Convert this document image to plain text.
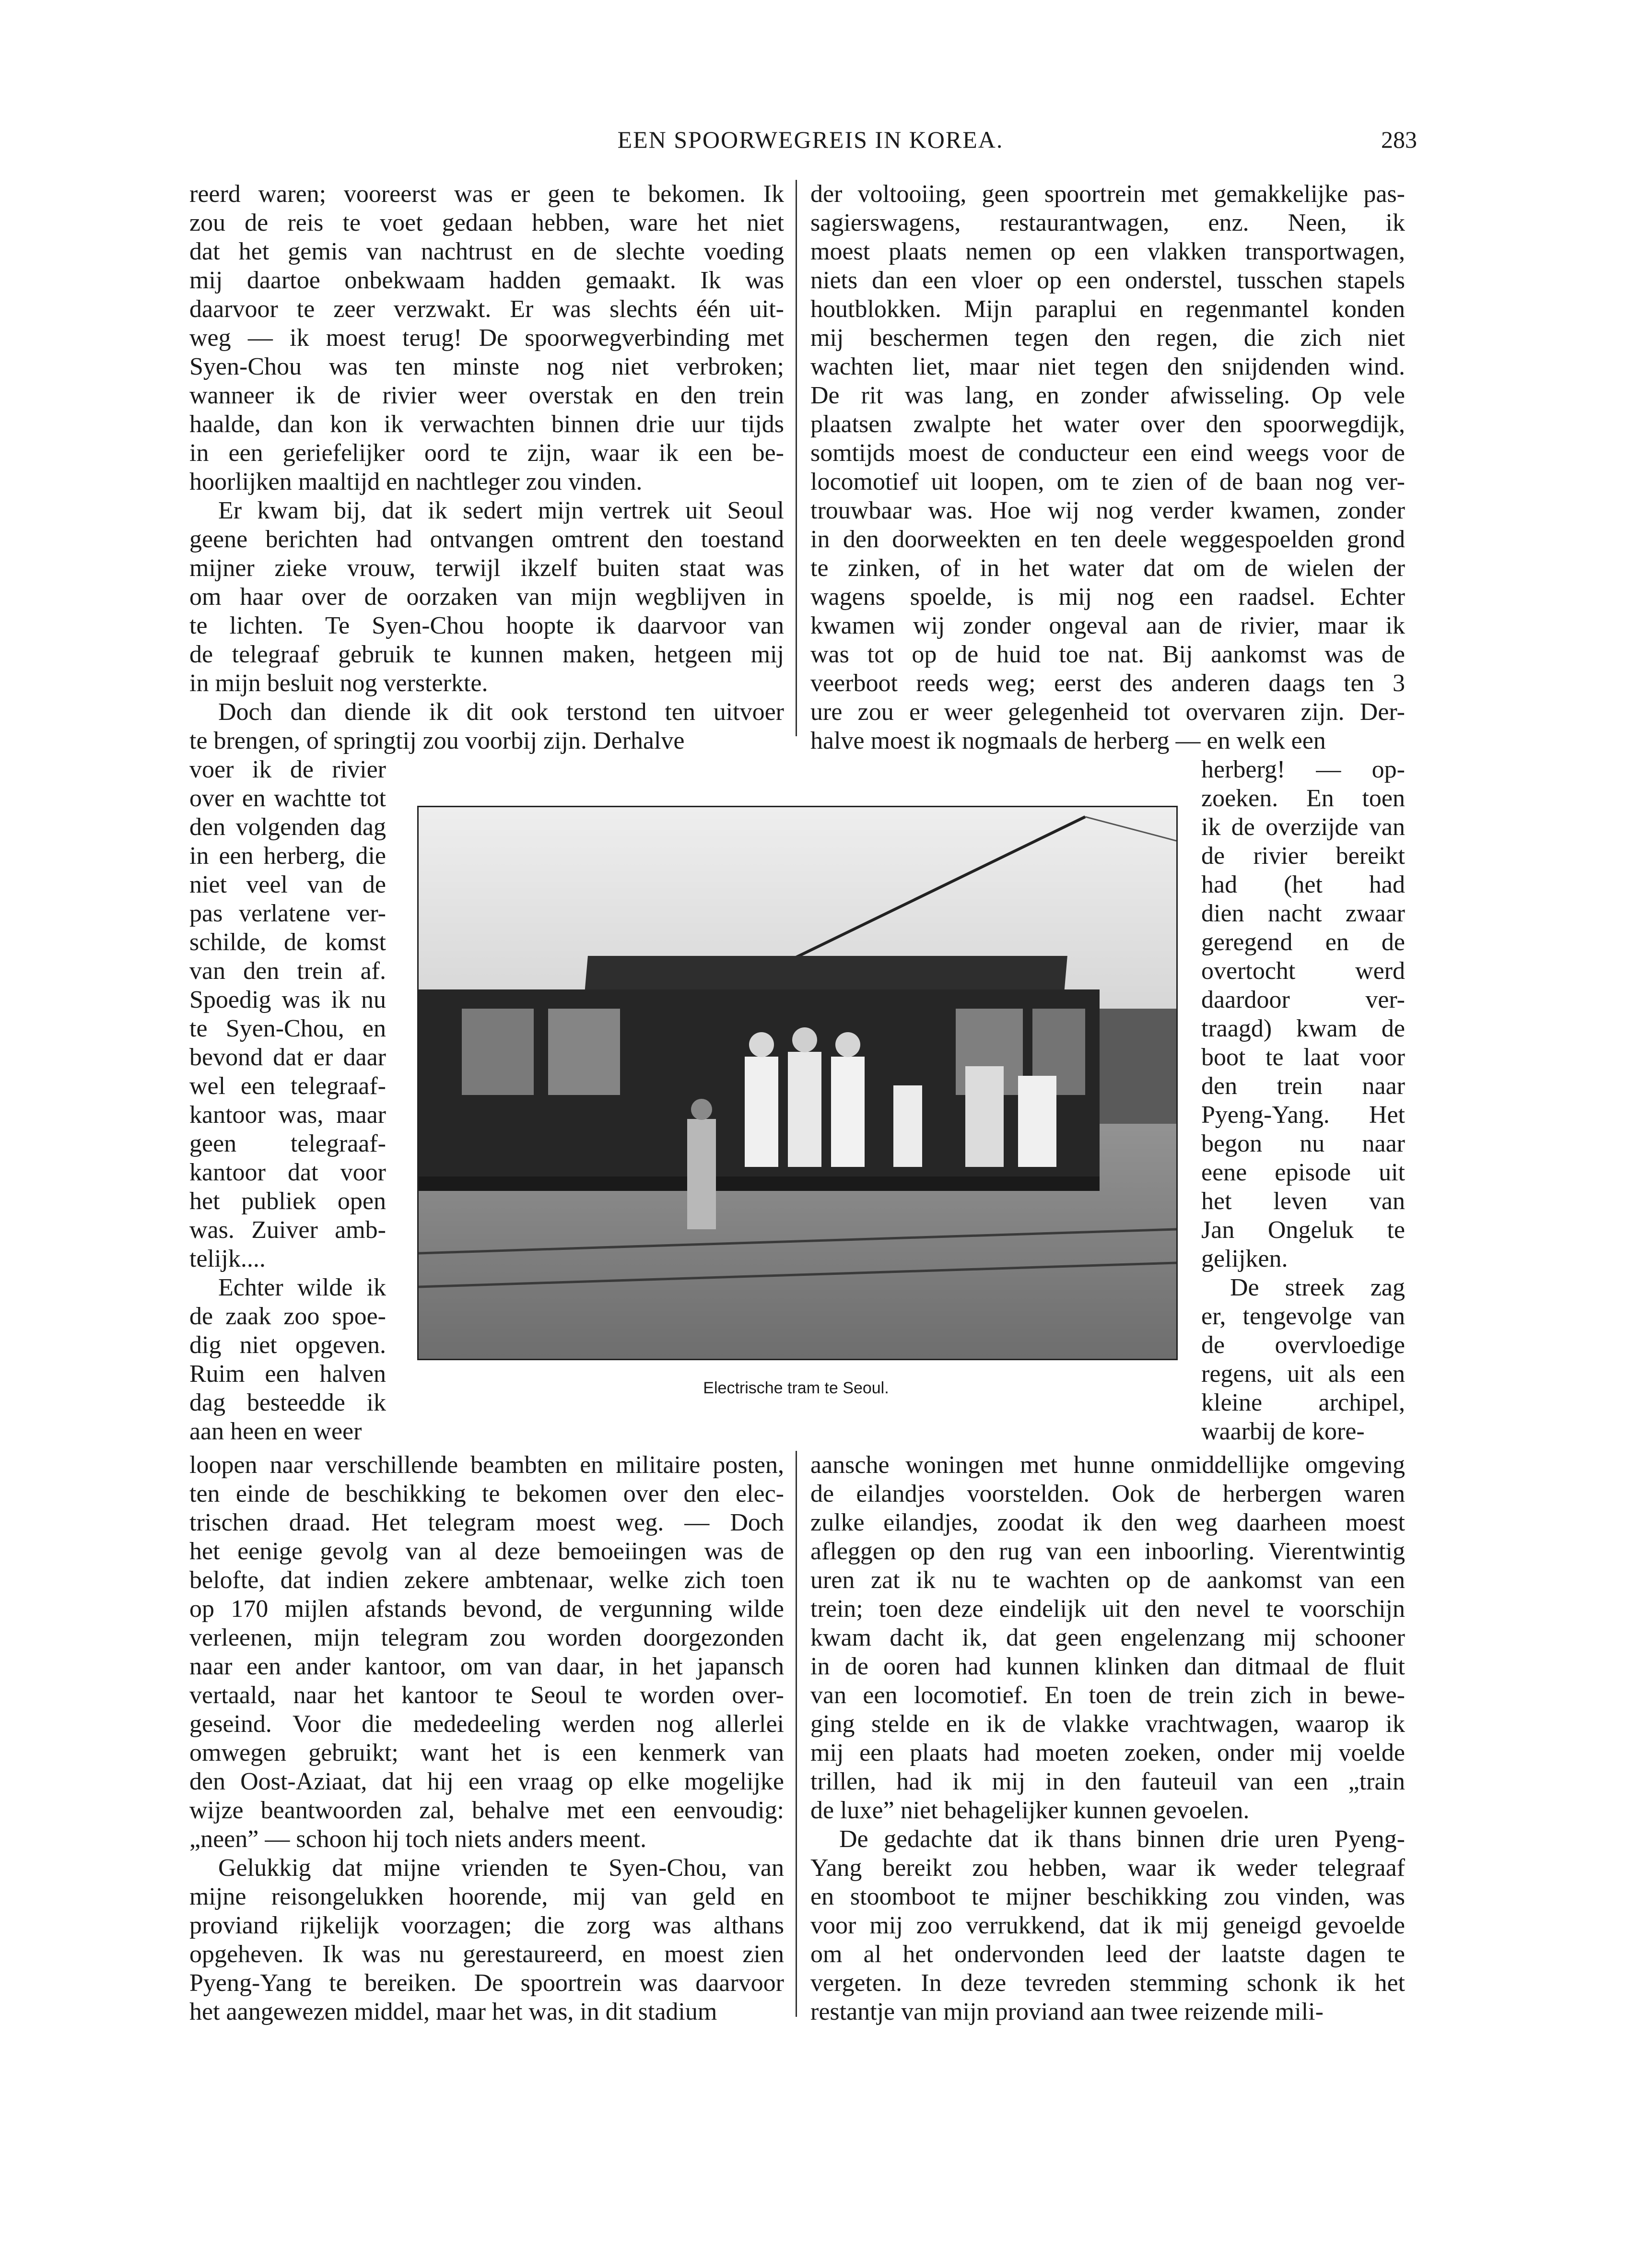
EEN SPOORWEGREIS IN KOREA.	283
reerd waren; vooreerst was er geen te bekomen. Ik
zou de reis te voet gedaan hebben, ware het niet
dat het gemis van nachtrust en de slechte voeding
mij daartoe onbekwaam hadden gemaakt. Ik was
daarvoor te zeer verzwakt. Er was slechts één uit-
weg — ik moest terug! De spoorwegverbinding met
Syen-Chou was ten minste nog niet verbroken;
wanneer ik de rivier weer overstak en den trein
haalde, dan kon ik verwachten binnen drie uur tijds
in een geriefelijker oord te zijn, waar ik een be-
hoorlijken maaltijd en nachtleger zou vinden.
Er kwam bij, dat ik sedert mijn vertrek uit Seoul
geene berichten had ontvangen omtrent den toestand
mijner zieke vrouw, terwijl ikzelf buiten staat was
om haar over de oorzaken van mijn wegblijven in
te lichten. Te Syen-Chou hoopte ik daarvoor van
de telegraaf gebruik te kunnen maken, hetgeen mij
in mijn besluit nog versterkte.
Doch dan diende ik dit ook terstond ten uitvoer
te brengen, of springtij zou voorbij zijn. Derhalve
voer ik de rivier
over en wachtte tot
den volgenden dag
in een herberg, die
niet veel van de
pas verlatene ver-
schilde, de komst
van den trein af.
Spoedig was ik nu
te Syen-Chou, en
bevond dat er daar
wel een telegraaf-
kantoor was, maar
geen telegraaf-
kantoor dat voor
het publiek open
was. Zuiver amb-
telijk....
Echter wilde ik
de zaak zoo spoe-
dig niet opgeven.
Ruim een halven
dag besteedde ik
aan heen en weer
loopen naar verschillende beambten en militaire posten,
ten einde de beschikking te bekomen over den elec-
trischen draad. Het telegram moest weg. — Doch
het eenige gevolg van al deze bemoeiingen was de
belofte, dat indien zekere ambtenaar, welke zich toen
op 170 mijlen afstands bevond, de vergunning wilde
verleenen, mijn telegram zou worden doorgezonden
naar een ander kantoor, om van daar, in het japansch
vertaald, naar het kantoor te Seoul te worden over-
geseind. Voor die mededeeling werden nog allerlei
omwegen gebruikt; want het is een kenmerk van
den Oost-Aziaat, dat hij een vraag op elke mogelijke
wijze beantwoorden zal, behalve met een eenvoudig:
„neen” — schoon hij toch niets anders meent.
Gelukkig dat mijne vrienden te Syen-Chou, van
mijne reisongelukken hoorende, mij van geld en
proviand rijkelijk voorzagen; die zorg was althans
opgeheven. Ik was nu gerestaureerd, en moest zien
Pyeng-Yang te bereiken. De spoortrein was daarvoor
het aangewezen middel, maar het was, in dit stadium
der voltooiing, geen spoortrein met gemakkelijke pas-
sagierswagens, restaurantwagen, enz. Neen, ik
moest plaats nemen op een vlakken transportwagen,
niets dan een vloer op een onderstel, tusschen stapels
houtblokken. Mijn paraplui en regenmantel konden
mij beschermen tegen den regen, die zich niet
wachten liet, maar niet tegen den snijdenden wind.
De rit was lang, en zonder afwisseling. Op vele
plaatsen zwalpte het water over den spoorwegdijk,
somtijds moest de conducteur een eind weegs voor de
locomotief uit loopen, om te zien of de baan nog ver-
trouwbaar was. Hoe wij nog verder kwamen, zonder
in den doorweekten en ten deele weggespoelden grond
te zinken, of in het water dat om de wielen der
wagens spoelde, is mij nog een raadsel. Echter
kwamen wij zonder ongeval aan de rivier, maar ik
was tot op de huid toe nat. Bij aankomst was de
veerboot reeds weg; eerst des anderen daags ten 3
ure zou er weer gelegenheid tot overvaren zijn. Der-
halve moest ik nogmaals de herberg — en welk een
herberg! — op-
zoeken. En toen
ik de overzijde van
de rivier bereikt
had (het had
dien nacht zwaar
geregend en de
overtocht werd
daardoor ver-
traagd) kwam de
boot te laat voor
den trein naar
Pyeng-Yang. Het
begon nu naar
eene episode uit
het leven van
Jan Ongeluk te
gelijken.
De streek zag
er, tengevolge van
de overvloedige
regens, uit als een
kleine archipel,
waarbij de kore-
aansche woningen met hunne onmiddellijke omgeving
de eilandjes voorstelden. Ook de herbergen waren
zulke eilandjes, zoodat ik den weg daarheen moest
afleggen op den rug van een inboorling. Vierentwintig
uren zat ik nu te wachten op de aankomst van een
trein; toen deze eindelijk uit den nevel te voorschijn
kwam dacht ik, dat geen engelenzang mij schooner
in de ooren had kunnen klinken dan ditmaal de fluit
van een locomotief. En toen de trein zich in bewe-
ging stelde en ik de vlakke vrachtwagen, waarop ik
mij een plaats had moeten zoeken, onder mij voelde
trillen, had ik mij in den fauteuil van een „train
de luxe” niet behagelijker kunnen gevoelen.
De gedachte dat ik thans binnen drie uren Pyeng-
Yang bereikt zou hebben, waar ik weder telegraaf
en stoomboot te mijner beschikking zou vinden, was
voor mij zoo verrukkend, dat ik mij geneigd gevoelde
om al het ondervonden leed der laatste dagen te
vergeten. In deze tevreden stemming schonk ik het
restantje van mijn proviand aan twee reizende mili-
Electrische tram te Seoul.
